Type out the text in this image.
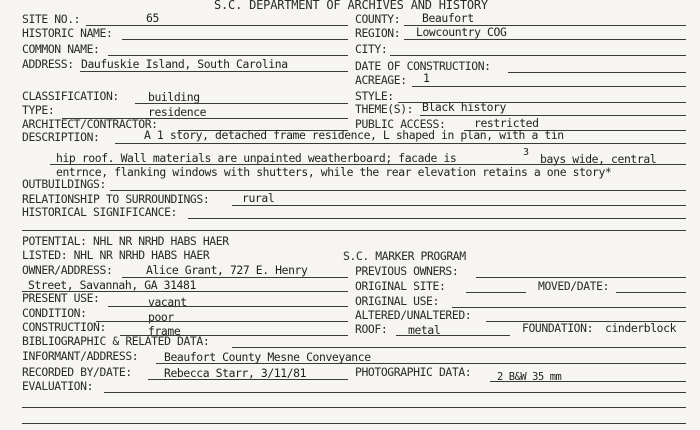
S.C. DEPARTMENT OF ARCHIVES AND HISTORY
SITE NO.:	65	COUNTY: Beaufort
HISTORIC NAME:	REGION: Lowcountry COG
COMMON NAME:	CITY:
ADDRESS: Daufuskie Island, South Carolina	DATE OF CONSTRUCTION:
ACREAGE: 1
CLASSIFICATION:	building	STYLE:
TYPE:	residence	THEME(S): Black history
ARCHITECT/CONTRACTOR:	PUBLIC ACCESS:	restricted
DESCRIPTION:	A 1 story, detached frame residence, L shaped in plan, with a tin
hip roof. Wall materials are unpainted weatherboard; facade is	3 bays wide, central
entrnce, flanking windows with shutters, while the rear elevation retains a one story*
OUTBUILDINGS:
RELATIONSHIP TO SURROUNDINGS:	rural
HISTORICAL SIGNIFICANCE:
POTENTIAL: NHL NR NRHD HABS HAER
LISTED: NHL NR NRHD HABS HAER	S.C. MARKER PROGRAM
OWNER/ADDRESS:	Alice Grant, 727 E. Henry	PREVIOUS OWNERS:
Street, Savannah, GA 31481	ORIGINAL SITE:	MOVED/DATE:
PRESENT USE:	vacant	ORIGINAL USE:
CONDITION:	poor	ALTERED/UNALTERED:
CONSTRUCTION:	frame	ROOF: metal	FOUNDATION: cinderblock
BIBLIOGRAPHIC & RELATED DATA:
INFORMANT/ADDRESS: Beaufort County Mesne Conveyance
RECORDED BY/DATE:	Rebecca Starr, 3/11/81	PHOTOGRAPHIC DATA: 2 B&W 35 mm
EVALUATION:
